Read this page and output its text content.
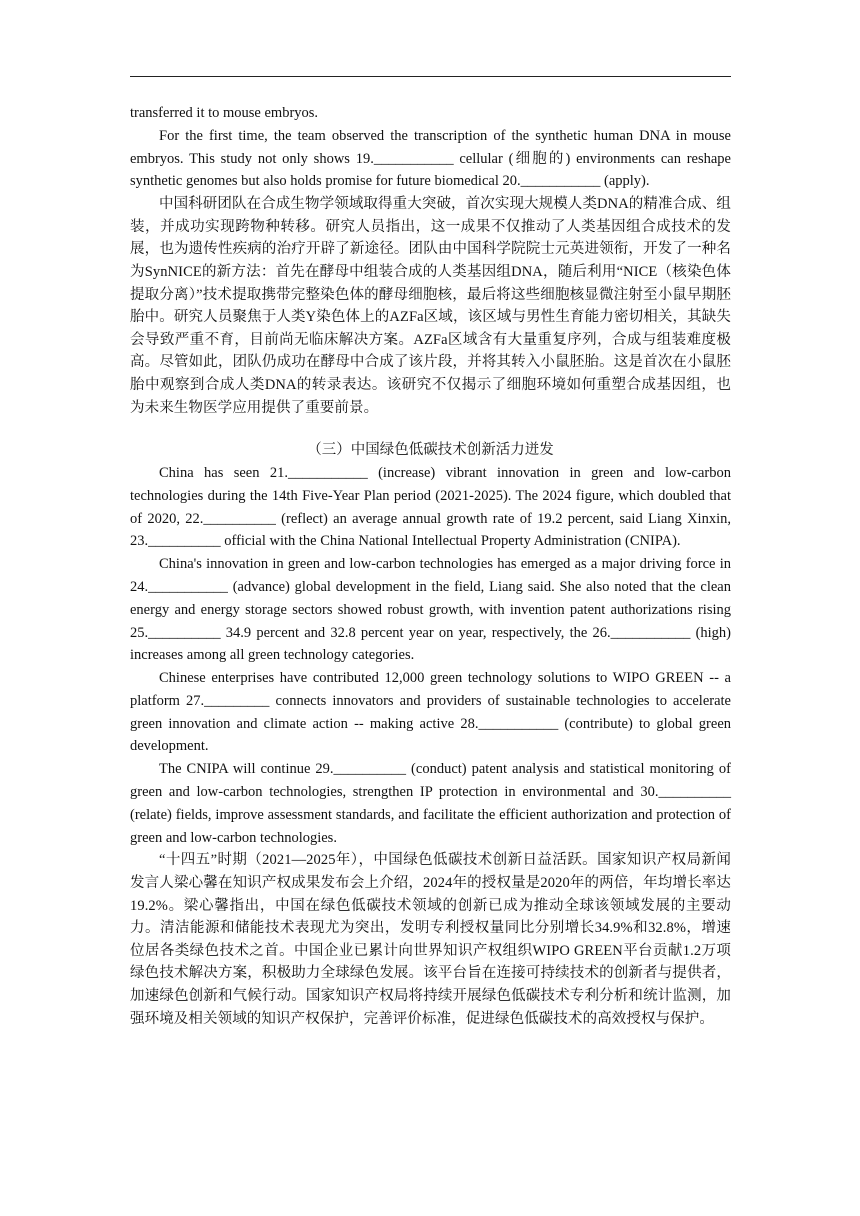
transferred it to mouse embryos.

For the first time, the team observed the transcription of the synthetic human DNA in mouse embryos. This study not only shows 19.___________ cellular (细胞的) environments can reshape synthetic genomes but also holds promise for future biomedical 20.___________ (apply).

中国科研团队在合成生物学领域取得重大突破，首次实现大规模人类DNA的精准合成、组装，并成功实现跨物种转移。研究人员指出，这一成果不仅推动了人类基因组合成技术的发展，也为遗传性疾病的治疗开辟了新途径。团队由中国科学院院士元英进领衔，开发了一种名为SynNICE的新方法：首先在酵母中组装合成的人类基因组DNA，随后利用“NICE（核染色体提取分离）”技术提取携带完整染色体的酵母细胞核，最后将这些细胞核显微注射至小鼠早期胚胎中。研究人员聚焦于人类Y染色体上的AZFa区域，该区域与男性生育能力密切相关，其缺失会导致严重不育，目前尚无临床解决方案。AZFa区域含有大量重复序列，合成与组装难度极高。尽管如此，团队仍成功在酵母中合成了该片段，并将其转入小鼠胚胎。这是首次在小鼠胚胎中观察到合成人类DNA的转录表达。该研究不仅揭示了细胞环境如何重塑合成基因组，也为未来生物医学应用提供了重要前景。

（三）中国绿色低碳技术创新活力迸发

China has seen 21.___________ (increase) vibrant innovation in green and low-carbon technologies during the 14th Five-Year Plan period (2021-2025). The 2024 figure, which doubled that of 2020, 22.__________ (reflect) an average annual growth rate of 19.2 percent, said Liang Xinxin, 23.__________ official with the China National Intellectual Property Administration (CNIPA).

China's innovation in green and low-carbon technologies has emerged as a major driving force in 24.___________ (advance) global development in the field, Liang said. She also noted that the clean energy and energy storage sectors showed robust growth, with invention patent authorizations rising 25.__________ 34.9 percent and 32.8 percent year on year, respectively, the 26.___________ (high) increases among all green technology categories.

Chinese enterprises have contributed 12,000 green technology solutions to WIPO GREEN -- a platform 27._________ connects innovators and providers of sustainable technologies to accelerate green innovation and climate action -- making active 28.___________ (contribute) to global green development.

The CNIPA will continue 29.__________ (conduct) patent analysis and statistical monitoring of green and low-carbon technologies, strengthen IP protection in environmental and 30.__________ (relate) fields, improve assessment standards, and facilitate the efficient authorization and protection of green and low-carbon technologies.

“十四五”时期（2021—2025年），中国绿色低碳技术创新日益活跃。国家知识产权局新闻发言人梁心馨在知识产权成果发布会上介绍，2024年的授权量是2020年的两倍，年均增长率达19.2%。梁心馨指出，中国在绿色低碳技术领域的创新已成为推动全球该领域发展的主要动力。清洁能源和储能技术表现尤为突出，发明专利授权量同比分别增长34.9%和32.8%，增速位居各类绿色技术之首。中国企业已累计向世界知识产权组织WIPO GREEN平台贡献1.2万项绿色技术解决方案，积极助力全球绿色发展。该平台旨在连接可持续技术的创新者与提供者，加速绿色创新和气候行动。国家知识产权局将持续开展绿色低碳技术专利分析和统计监测，加强环境及相关领域的知识产权保护，完善评价标准，促进绿色低碳技术的高效授权与保护。
